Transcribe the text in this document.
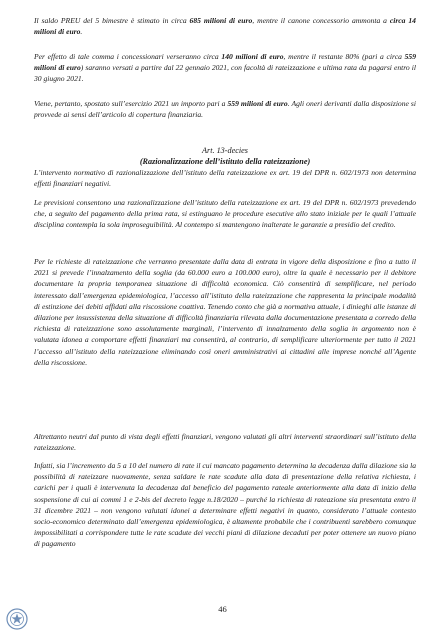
Il saldo PREU del 5 bimestre è stimato in circa 685 milioni di euro, mentre il canone concessorio ammonta a circa 14 milioni di euro.

Per effetto di tale comma i concessionari verseranno circa 140 milioni di euro, mentre il restante 80% (pari a circa 559 milioni di euro) saranno versati a partire dal 22 gennaio 2021, con facoltà di rateizzazione e ultima rata da pagarsi entro il 30 giugno 2021.

Viene, pertanto, spostato sull’esercizio 2021 un importo pari a 559 milioni di euro. Agli oneri derivanti dalla disposizione si provvede ai sensi dell’articolo di copertura finanziaria.

Art. 13-decies
(Razionalizzazione dell’istituto della rateizzazione)

L’intervento normativo di razionalizzazione dell’istituto della rateizzazione ex art. 19 del DPR n. 602/1973 non determina effetti finanziari negativi.

Le previsioni consentono una razionalizzazione dell’istituto della rateizzazione ex art. 19 del DPR n. 602/1973 prevedendo che, a seguito del pagamento della prima rata, si estinguano le procedure esecutive allo stato iniziale per le quali l’attuale disciplina contempla la sola improseguibilità. Al contempo si mantengono inalterate le garanzie a presidio del credito.

Per le richieste di rateizzazione che verranno presentate dalla data di entrata in vigore della disposizione e fino a tutto il 2021 si prevede l’innalzamento della soglia (da 60.000 euro a 100.000 euro), oltre la quale è necessario per il debitore documentare la propria temporanea situazione di difficoltà economica. Ciò consentirà di semplificare, nel periodo interessato dall’emergenza epidemiologica, l’accesso all’istituto della rateizzazione che rappresenta la principale modalità di estinzione dei debiti affidati alla riscossione coattiva. Tenendo conto che già a normativa attuale, i dinieghi alle istanze di dilazione per insussistenza della situazione di difficoltà finanziaria rilevata dalla documentazione presentata a corredo della richiesta di rateizzazione sono assolutamente marginali, l’intervento di innalzamento della soglia in argomento non è valutata idonea a comportare effetti finanziari ma consentirà, al contrario, di semplificare ulteriormente per tutto il 2021 l’accesso all’istituto della rateizzazione eliminando così oneri amministrativi ai cittadini alle imprese nonché all’Agente della riscossione.

Altrettanto neutri dal punto di vista degli effetti finanziari, vengono valutati gli altri interventi straordinari sull’istituto della rateizzazione.

Infatti, sia l’incremento da 5 a 10 del numero di rate il cui mancato pagamento determina la decadenza dalla dilazione sia la possibilità di rateizzare nuovamente, senza saldare le rate scadute alla data di presentazione della relativa richiesta, i carichi per i quali è intervenuta la decadenza dal beneficio del pagamento rateale anteriormente alla data di inizio della sospensione di cui ai commi 1 e 2-bis del decreto legge n.18/2020 – purché la richiesta di rateazione sia presentata entro il 31 dicembre 2021 – non vengono valutati idonei a determinare effetti negativi in quanto, considerato l’attuale contesto socio-economico determinato dall’emergenza epidemiologica, è altamente probabile che i contribuenti sarebbero comunque impossibilitati a corrispondere tutte le rate scadute dei vecchi piani di dilazione decaduti per poter ottenere un nuovo piano di pagamento

46
